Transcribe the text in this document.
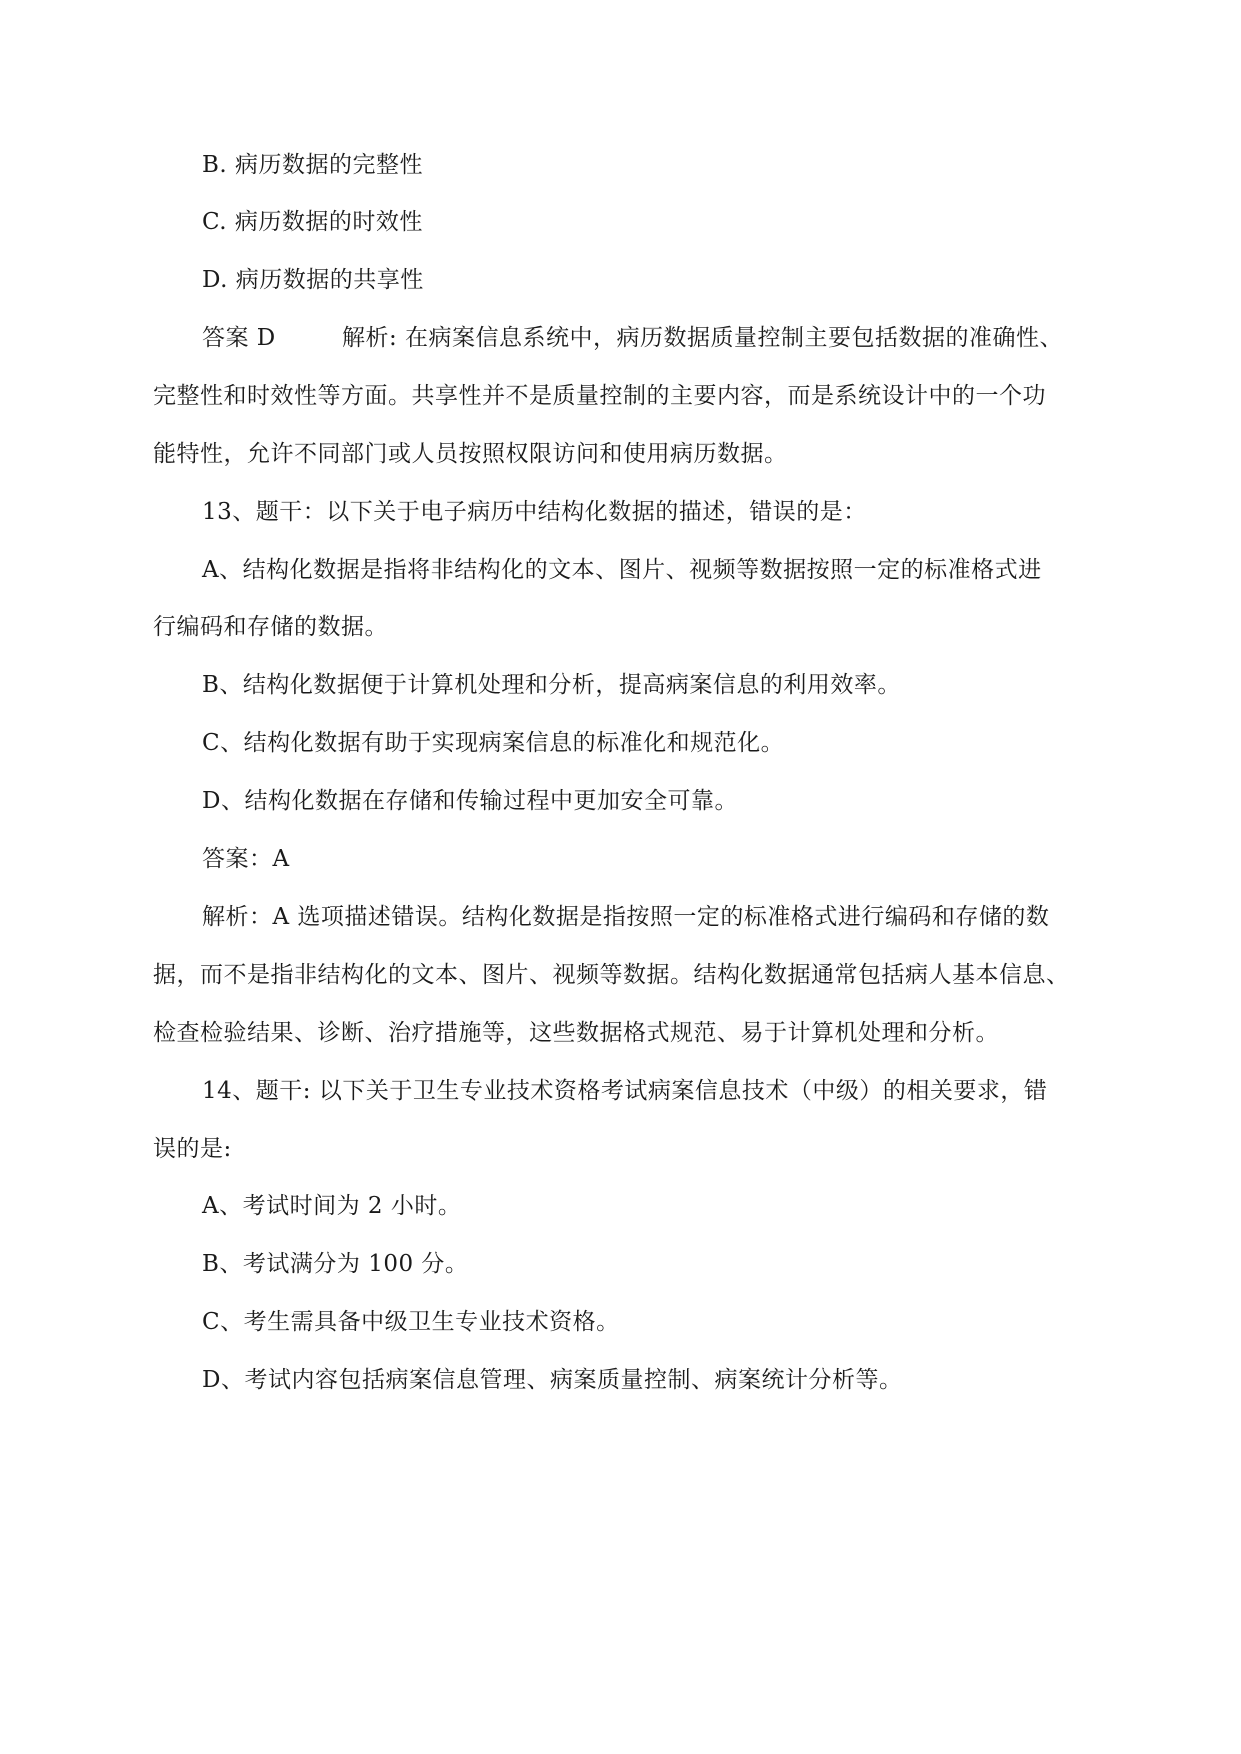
B. 病历数据的完整性
C. 病历数据的时效性
D. 病历数据的共享性
答案 D	解析: 在病案信息系统中，病历数据质量控制主要包括数据的准确性、
完整性和时效性等方面。共享性并不是质量控制的主要内容，而是系统设计中的一个功
能特性，允许不同部门或人员按照权限访问和使用病历数据。
13、题干：以下关于电子病历中结构化数据的描述，错误的是：
A、结构化数据是指将非结构化的文本、图片、视频等数据按照一定的标准格式进
行编码和存储的数据。
B、结构化数据便于计算机处理和分析，提高病案信息的利用效率。
C、结构化数据有助于实现病案信息的标准化和规范化。
D、结构化数据在存储和传输过程中更加安全可靠。
答案：A
解析：A 选项描述错误。结构化数据是指按照一定的标准格式进行编码和存储的数
据，而不是指非结构化的文本、图片、视频等数据。结构化数据通常包括病人基本信息、
检查检验结果、诊断、治疗措施等，这些数据格式规范、易于计算机处理和分析。
14、题干: 以下关于卫生专业技术资格考试病案信息技术（中级）的相关要求，错
误的是:
A、考试时间为 2 小时。
B、考试满分为 100 分。
C、考生需具备中级卫生专业技术资格。
D、考试内容包括病案信息管理、病案质量控制、病案统计分析等。
